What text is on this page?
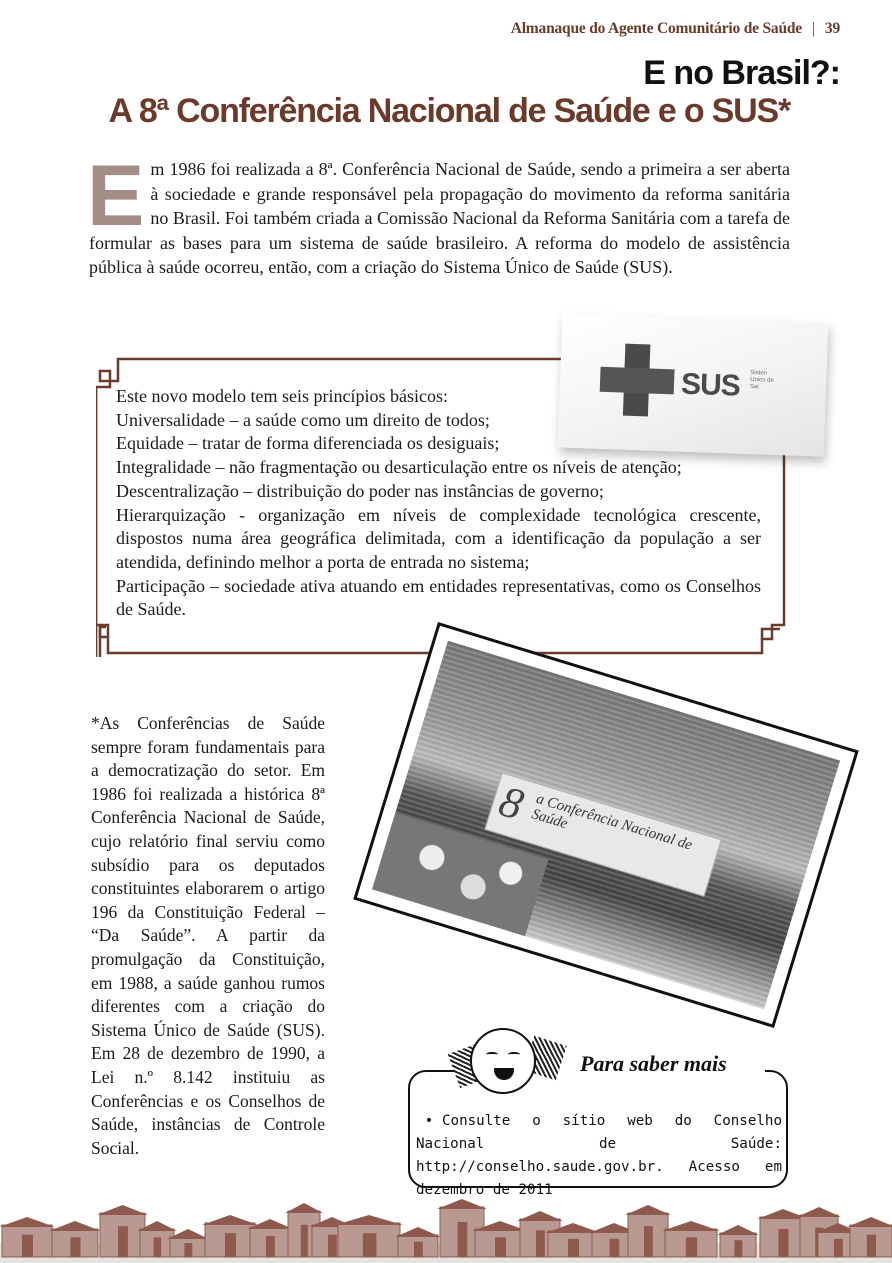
Almanaque do Agente Comunitário de Saúde | 39
E no Brasil?:
A 8ª Conferência Nacional de Saúde e o SUS*
E m 1986 foi realizada a 8ª. Conferência Nacional de Saúde, sendo a primeira a ser aberta à sociedade e grande responsável pela propagação do movimento da reforma sanitária no Brasil. Foi também criada a Comissão Nacional da Reforma Sanitária com a tarefa de formular as bases para um sistema de saúde brasileiro. A reforma do modelo de assistência pública à saúde ocorreu, então, com a criação do Sistema Único de Saúde (SUS).

Este novo modelo tem seis princípios básicos:

Universalidade – a saúde como um direito de todos;

Equidade – tratar de forma diferenciada os desiguais;

Integralidade – não fragmentação ou desarticulação entre os níveis de atenção;

Descentralização – distribuição do poder nas instâncias de governo;

Hierarquização - organização em níveis de complexidade tecnológica crescente, dispostos numa área geográfica delimitada, com a identificação da população a ser atendida, definindo melhor a porta de entrada no sistema;

Participação – sociedade ativa atuando em entidades representativas, como os Conselhos de Saúde.

SUS Sisten Unico de Sai
*As Conferências de Saúde sempre foram fundamentais para a democratização do setor. Em 1986 foi realizada a histórica 8ª Conferência Nacional de Saúde, cujo relatório final serviu como subsídio para os deputados constituintes elaborarem o artigo 196 da Constituição Federal – “Da Saúde”. A partir da promulgação da Constituição, em 1988, a saúde ganhou rumos diferentes com a criação do Sistema Único de Saúde (SUS). Em 28 de dezembro de 1990, a Lei n.º 8.142 instituiu as Conferências e os Conselhos de Saúde, instâncias de Controle Social.
8 a Conferência Nacional de Saúde
Para saber mais
• Consulte o sítio web do Conselho Nacional de Saúde: http://conselho.saude.gov.br. Acesso em dezembro de 2011
